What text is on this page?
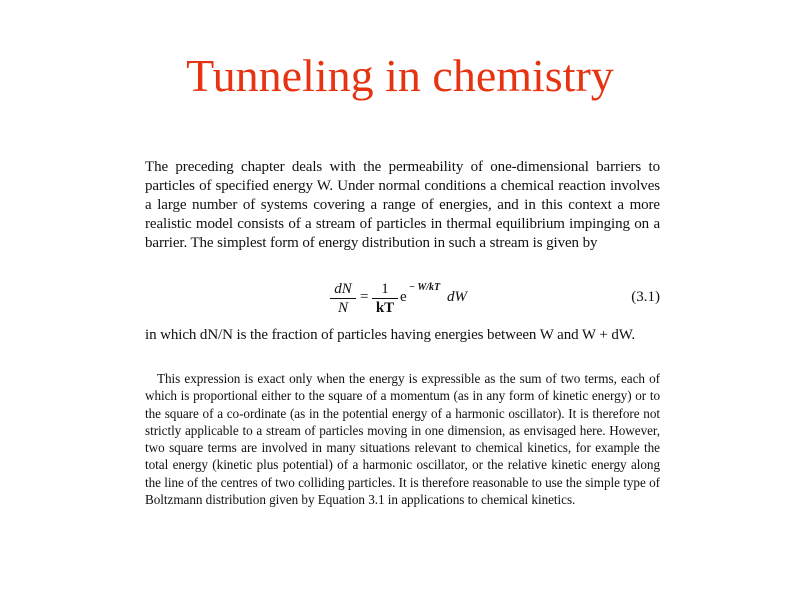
Tunneling in chemistry
The preceding chapter deals with the permeability of one-dimensional barriers to particles of specified energy W. Under normal conditions a chemical reaction involves a large number of systems covering a range of energies, and in this context a more realistic model consists of a stream of particles in thermal equilibrium impinging on a barrier. The simplest form of energy distribution in such a stream is given by
$\frac{dN}{N} = \frac{1}{kT}$ e
− W/kT
dW	(3.1)
in which dN/N is the fraction of particles having energies between W and W + dW.
This expression is exact only when the energy is expressible as the sum of two terms, each of which is proportional either to the square of a momentum (as in any form of kinetic energy) or to the square of a co-ordinate (as in the potential energy of a harmonic oscillator). It is therefore not strictly applicable to a stream of particles moving in one dimension, as envisaged here. However, two square terms are involved in many situations relevant to chemical kinetics, for example the total energy (kinetic plus potential) of a harmonic oscillator, or the relative kinetic energy along the line of the centres of two colliding particles. It is therefore reasonable to use the simple type of Boltzmann distribution given by Equation 3.1 in applications to chemical kinetics.
